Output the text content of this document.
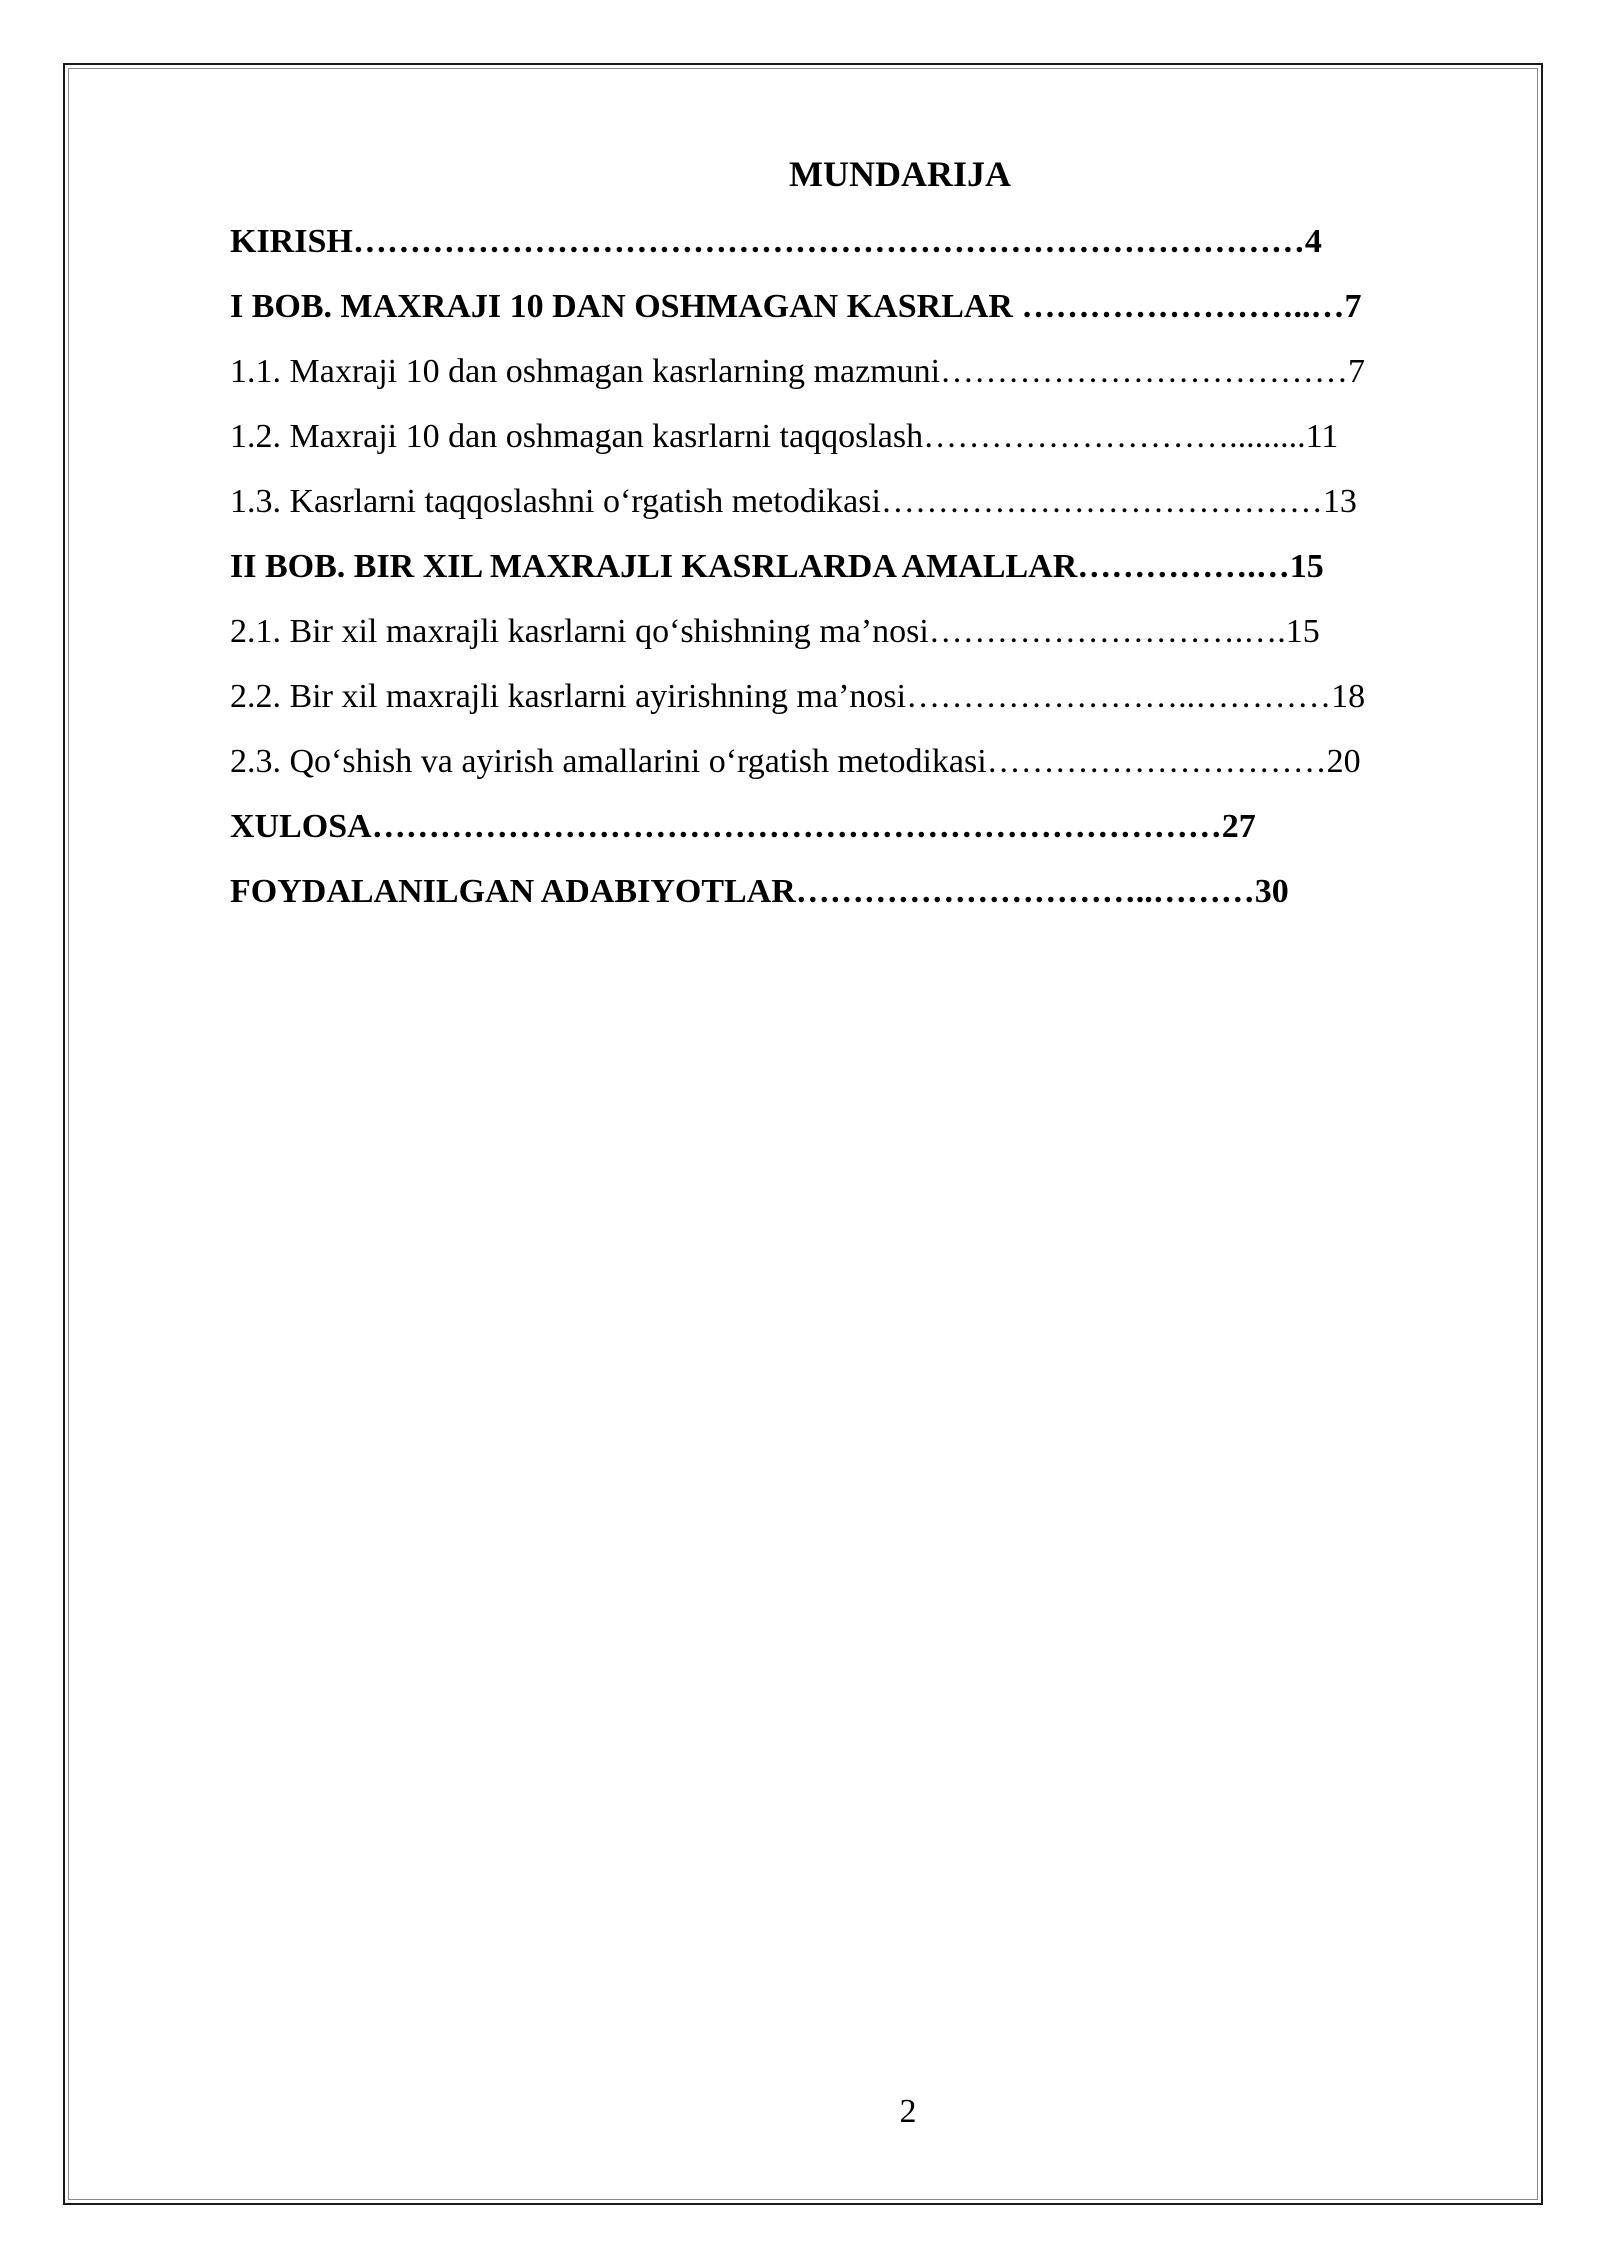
MUNDARIJA
KIRISH…………………………………………………………………………4
I BOB. MAXRAJI 10 DAN OSHMAGAN KASRLAR ……………………..…7
1.1. Maxraji 10 dan oshmagan kasrlarning mazmuni………………………………7
1.2. Maxraji 10 dan oshmagan kasrlarni taqqoslash……………………….........11
1.3. Kasrlarni taqqoslashni o‘rgatish metodikasi…………………………………13
II BOB. BIR XIL MAXRAJLI KASRLARDA AMALLAR…………….…15
2.1. Bir xil maxrajli kasrlarni qo‘shishning ma’nosi……………………….….15
2.2. Bir xil maxrajli kasrlarni ayirishning ma’nosi……………………..…………18
2.3. Qo‘shish va ayirish amallarini o‘rgatish metodikasi…………………………20
XULOSA…………………………………………………………………27
FOYDALANILGAN ADABIYOTLAR…………………………..………30
2
